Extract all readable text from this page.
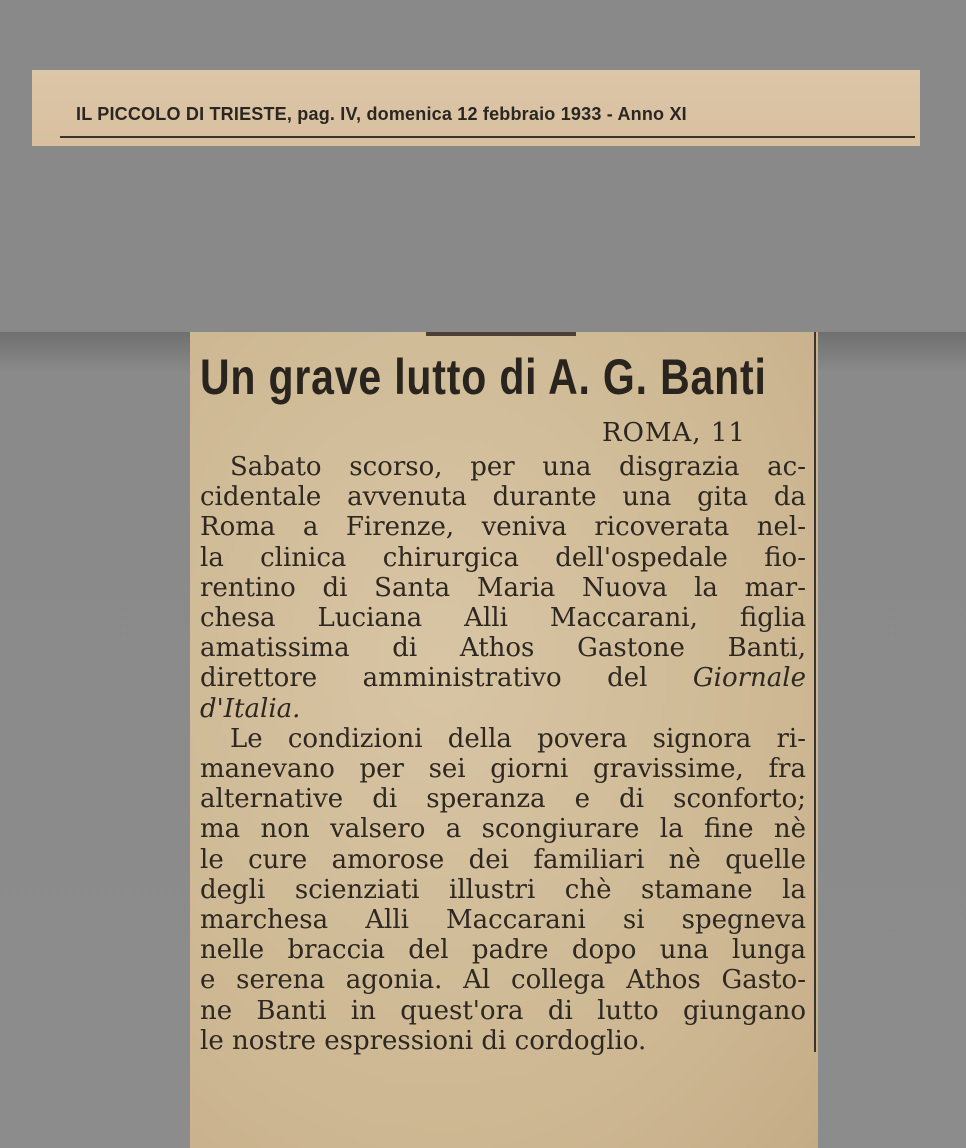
IL PICCOLO DI TRIESTE, pag. IV, domenica 12 febbraio 1933 - Anno XI
Un grave lutto di A. G. Banti
ROMA, 11
Sabato scorso, per una disgrazia ac-
cidentale avvenuta durante una gita da
Roma a Firenze, veniva ricoverata nel-
la clinica chirurgica dell'ospedale fio-
rentino di Santa Maria Nuova la mar-
chesa Luciana Alli Maccarani, figlia
amatissima di Athos Gastone Banti,
direttore amministrativo del Giornale
d'Italia.
Le condizioni della povera signora ri-
manevano per sei giorni gravissime, fra
alternative di speranza e di sconforto;
ma non valsero a scongiurare la fine nè
le cure amorose dei familiari nè quelle
degli scienziati illustri chè stamane la
marchesa Alli Maccarani si spegneva
nelle braccia del padre dopo una lunga
e serena agonia. Al collega Athos Gasto-
ne Banti in quest'ora di lutto giungano
le nostre espressioni di cordoglio.
